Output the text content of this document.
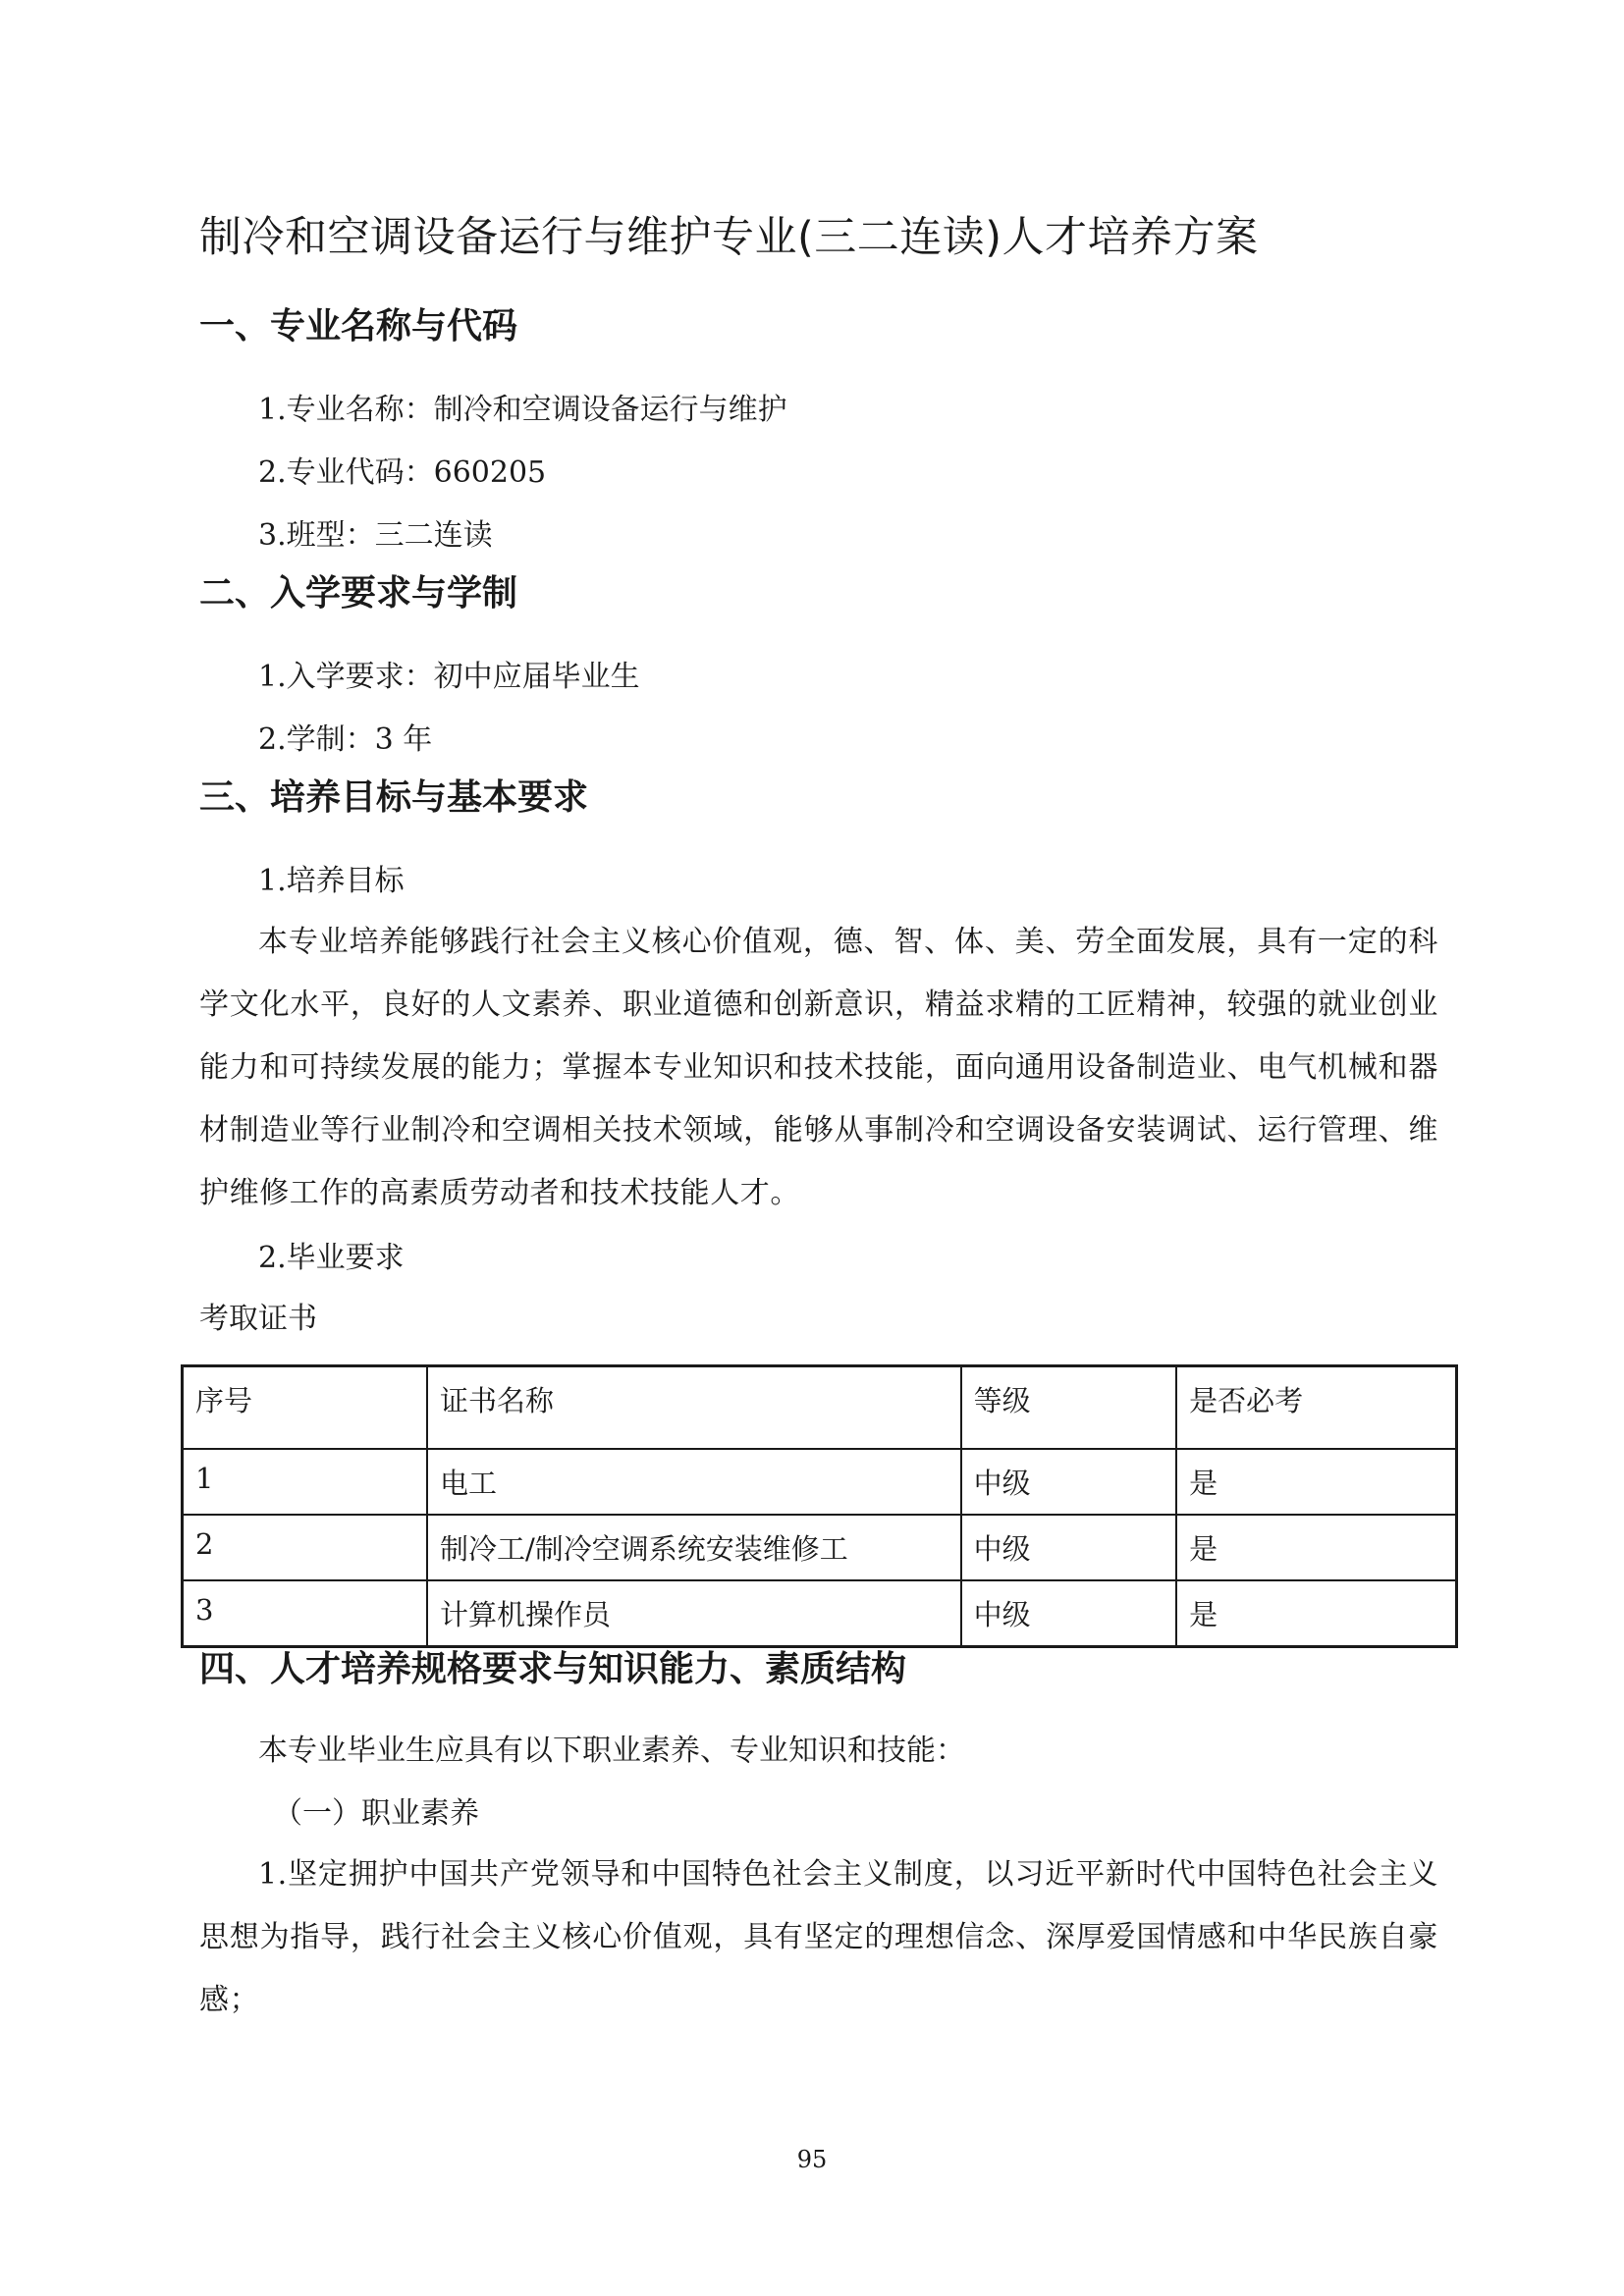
制冷和空调设备运行与维护专业(三二连读)人才培养方案
一、专业名称与代码
1.专业名称：制冷和空调设备运行与维护
2.专业代码：660205
3.班型：三二连读
二、入学要求与学制
1.入学要求：初中应届毕业生
2.学制：3 年
三、培养目标与基本要求
1.培养目标
本专业培养能够践行社会主义核心价值观，德、智、体、美、劳全面发展，具有一定的科学文化水平，良好的人文素养、职业道德和创新意识，精益求精的工匠精神，较强的就业创业能力和可持续发展的能力；掌握本专业知识和技术技能，面向通用设备制造业、电气机械和器材制造业等行业制冷和空调相关技术领域，能够从事制冷和空调设备安装调试、运行管理、维护维修工作的高素质劳动者和技术技能人才。
2.毕业要求
考取证书
序号	证书名称	等级	是否必考
1	电工	中级	是
2	制冷工/制冷空调系统安装维修工	中级	是
3	计算机操作员	中级	是
四、人才培养规格要求与知识能力、素质结构
本专业毕业生应具有以下职业素养、专业知识和技能：
（一）职业素养
1.坚定拥护中国共产党领导和中国特色社会主义制度，以习近平新时代中国特色社会主义思想为指导，践行社会主义核心价值观，具有坚定的理想信念、深厚爱国情感和中华民族自豪感；
95
